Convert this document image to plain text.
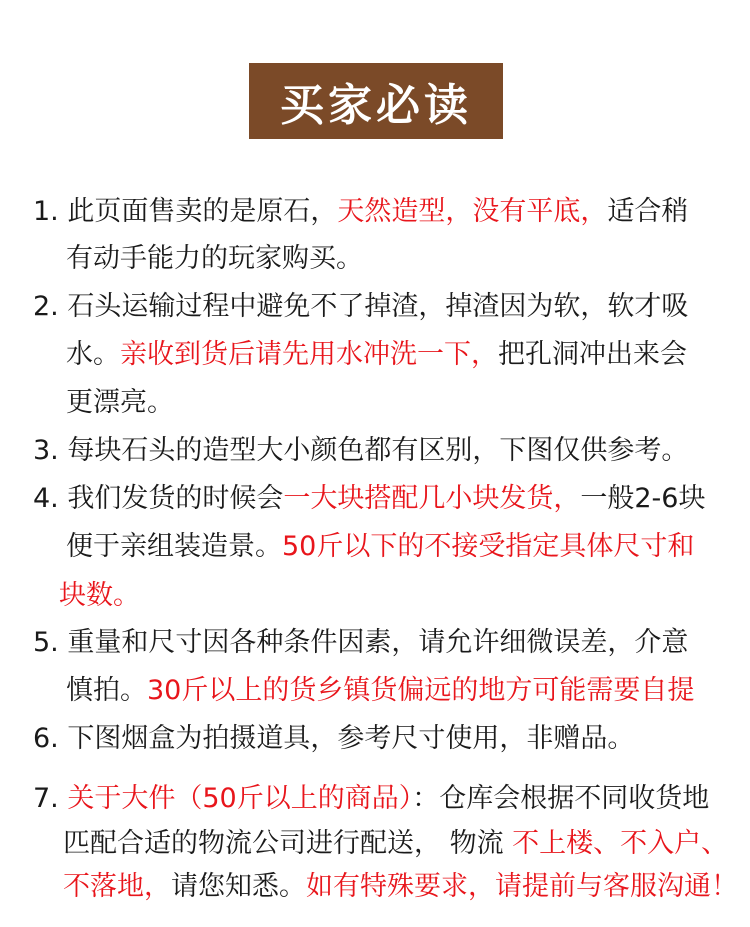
买家必读
1. 此页面售卖的是原石，天然造型，没有平底，适合稍
有动手能力的玩家购买。
2. 石头运输过程中避免不了掉渣，掉渣因为软，软才吸
水。亲收到货后请先用水冲洗一下，把孔洞冲出来会
更漂亮。
3. 每块石头的造型大小颜色都有区别，下图仅供参考。
4. 我们发货的时候会一大块搭配几小块发货，一般2-6块
便于亲组装造景。50斤以下的不接受指定具体尺寸和
块数。
5. 重量和尺寸因各种条件因素，请允许细微误差，介意
慎拍。30斤以上的货乡镇货偏远的地方可能需要自提
6. 下图烟盒为拍摄道具，参考尺寸使用，非赠品。
7. 关于大件（50斤以上的商品）：仓库会根据不同收货地
匹配合适的物流公司进行配送， 物流 不上楼、不入户、
不落地，请您知悉。如有特殊要求，请提前与客服沟通！
